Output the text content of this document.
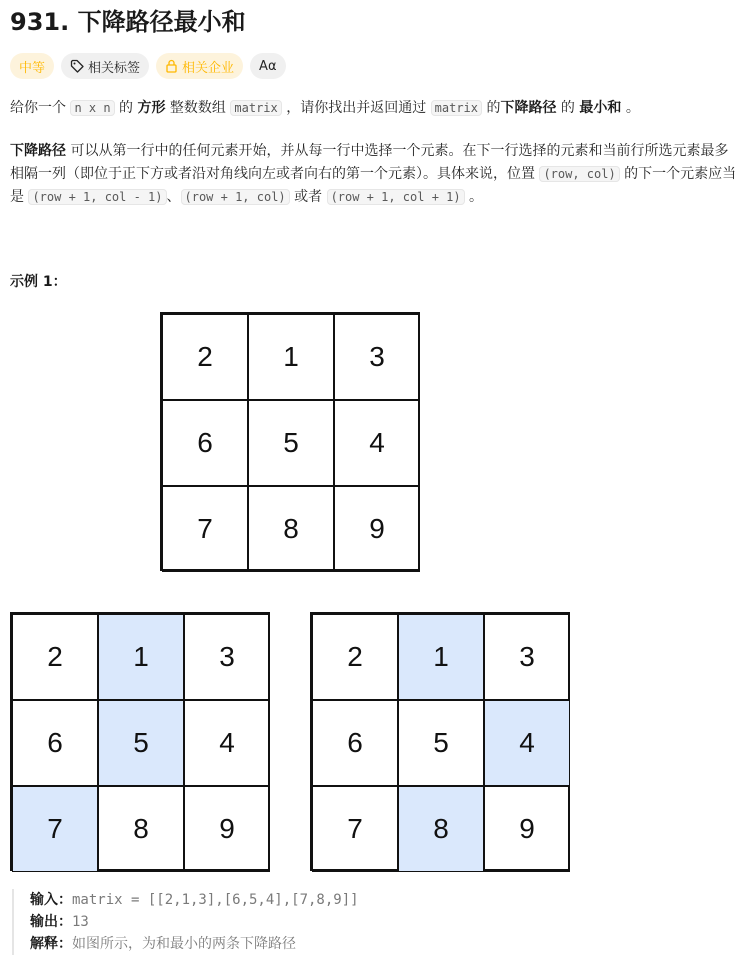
931. 下降路径最小和
中等	相关标签	相关企业 Aα
给你一个 n x n 的 方形 整数数组 matrix ，请你找出并返回通过 matrix 的下降路径 的 最小和 。
下降路径 可以从第一行中的任何元素开始，并从每一行中选择一个元素。在下一行选择的元素和当前行所选元素最多相隔一列（即位于正下方或者沿对角线向左或者向右的第一个元素）。具体来说，位置 (row, col) 的下一个元素应当是 (row + 1, col - 1) 、 (row + 1, col) 或者 (row + 1, col + 1) 。
示例 1：
2	1	3
6	5	4
7	8	9
2	1	3
6	5	4
7	8	9
2	1	3
6	5	4
7	8	9
输入：matrix = [[2,1,3],[6,5,4],[7,8,9]]
输出：13
解释：如图所示，为和最小的两条下降路径
